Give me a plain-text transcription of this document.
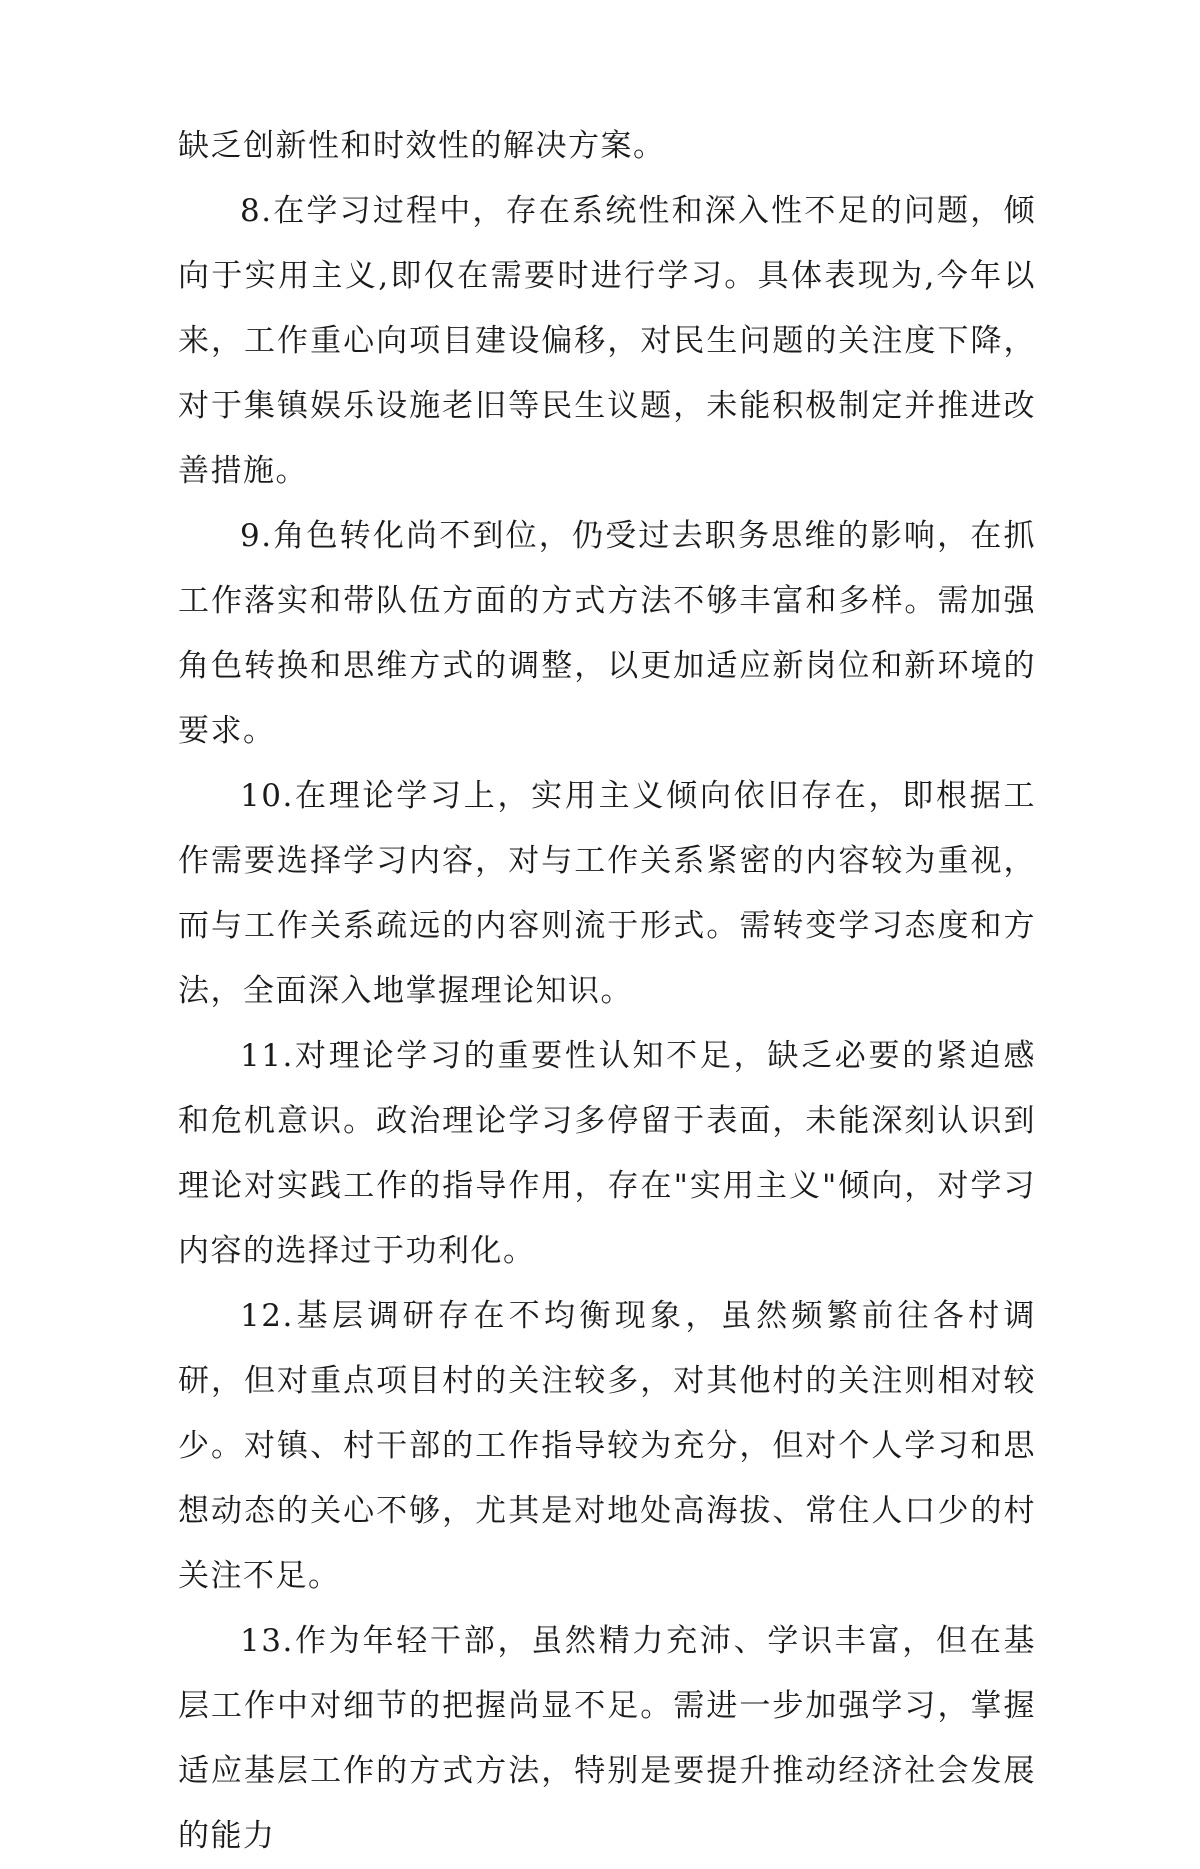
缺乏创新性和时效性的解决方案。

8.在学习过程中，存在系统性和深入性不足的问题，倾向于实用主义,即仅在需要时进行学习。具体表现为,今年以来，工作重心向项目建设偏移，对民生问题的关注度下降，对于集镇娱乐设施老旧等民生议题，未能积极制定并推进改善措施。

9.角色转化尚不到位，仍受过去职务思维的影响，在抓工作落实和带队伍方面的方式方法不够丰富和多样。需加强角色转换和思维方式的调整，以更加适应新岗位和新环境的要求。

10.在理论学习上，实用主义倾向依旧存在，即根据工作需要选择学习内容，对与工作关系紧密的内容较为重视，而与工作关系疏远的内容则流于形式。需转变学习态度和方法，全面深入地掌握理论知识。

11.对理论学习的重要性认知不足，缺乏必要的紧迫感和危机意识。政治理论学习多停留于表面，未能深刻认识到理论对实践工作的指导作用，存在"实用主义"倾向，对学习内容的选择过于功利化。

12.基层调研存在不均衡现象，虽然频繁前往各村调研，但对重点项目村的关注较多，对其他村的关注则相对较少。对镇、村干部的工作指导较为充分，但对个人学习和思想动态的关心不够，尤其是对地处高海拔、常住人口少的村关注不足。

13.作为年轻干部，虽然精力充沛、学识丰富，但在基层工作中对细节的把握尚显不足。需进一步加强学习，掌握适应基层工作的方式方法，特别是要提升推动经济社会发展的能力
